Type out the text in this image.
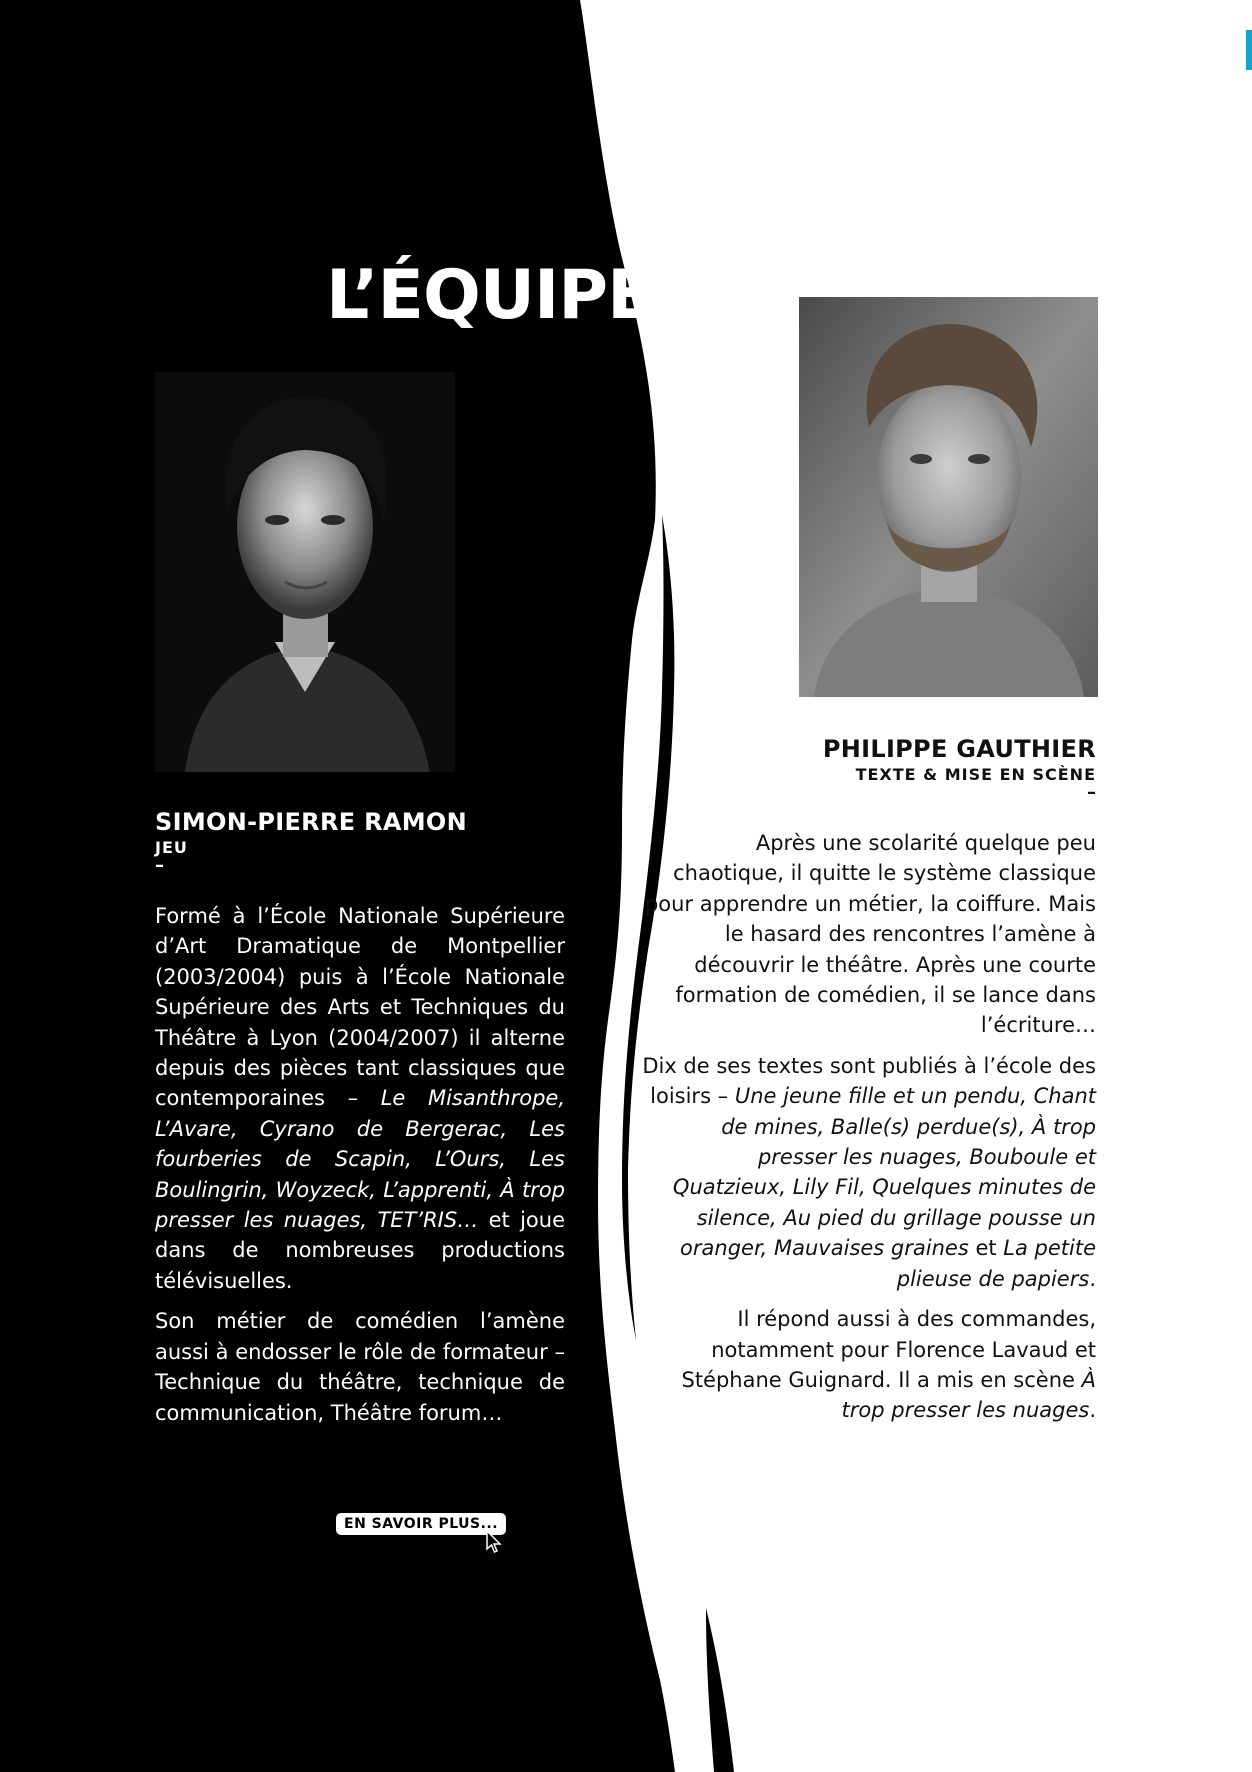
L’ÉQUIPE

SIMON-PIERRE RAMON

JEU

–

Formé à l’École Nationale Supérieure d’Art Dramatique de Montpellier (2003/2004) puis à l’École Nationale Supérieure des Arts et Techniques du Théâtre à Lyon (2004/2007) il alterne depuis des pièces tant classiques que contemporaines – Le Misanthrope, L’Avare, Cyrano de Bergerac, Les fourberies de Scapin, L’Ours, Les Boulingrin, Woyzeck, L’apprenti, À trop presser les nuages, TET’RIS… et joue dans de nombreuses productions télévisuelles.

Son métier de comédien l’amène aussi à endosser le rôle de formateur – Technique du théâtre, technique de communication, Théâtre forum…

PHILIPPE GAUTHIER

TEXTE & MISE EN SCÈNE

–

Après une scolarité quelque peu chaotique, il quitte le système classique pour apprendre un métier, la coiffure. Mais le hasard des rencontres l’amène à découvrir le théâtre. Après une courte formation de comédien, il se lance dans l’écriture…

Dix de ses textes sont publiés à l’école des loisirs – Une jeune fille et un pendu, Chant de mines, Balle(s) perdue(s), À trop presser les nuages, Bouboule et Quatzieux, Lily Fil, Quelques minutes de silence, Au pied du grillage pousse un oranger, Mauvaises graines et La petite plieuse de papiers.

Il répond aussi à des commandes, notamment pour Florence Lavaud et Stéphane Guignard. Il a mis en scène À trop presser les nuages.

EN SAVOIR PLUS...
